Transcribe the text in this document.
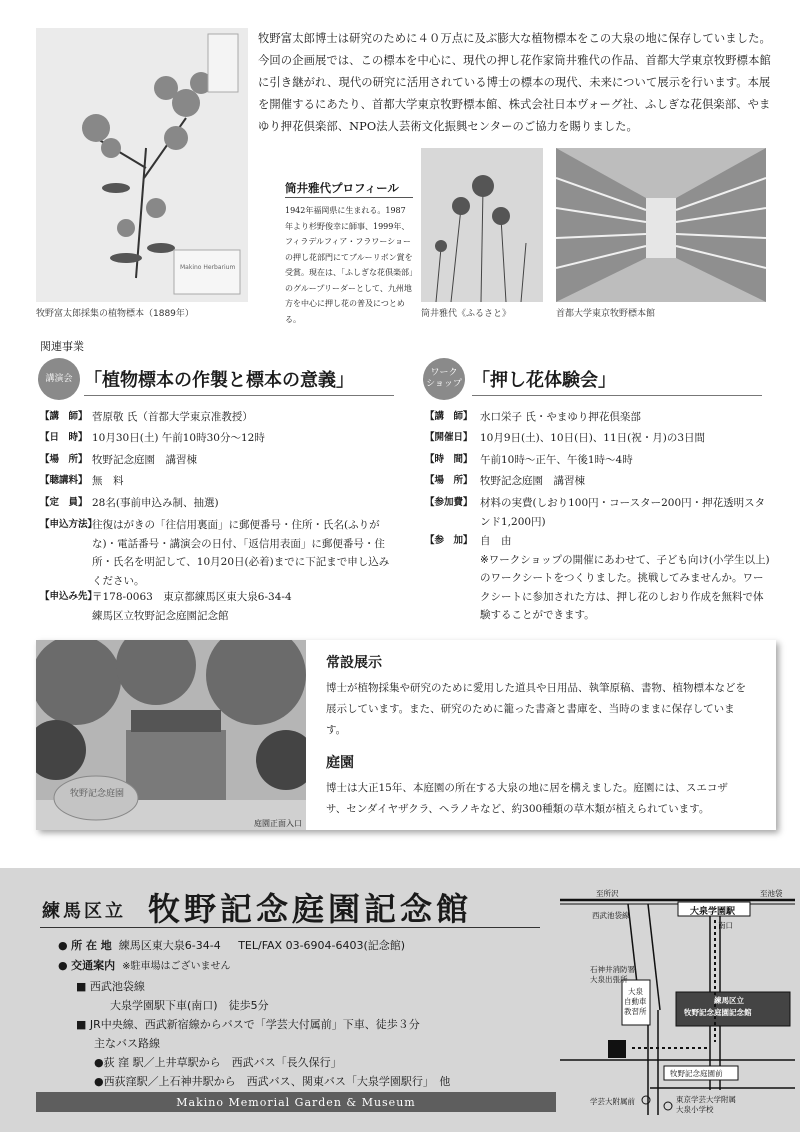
Makino Herbarium
牧野富太郎採集の植物標本（1889年）
牧野富太郎博士は研究のために４０万点に及ぶ膨大な植物標本をこの大泉の地に保存していました。今回の企画展では、この標本を中心に、現代の押し花作家筒井雅代の作品、首都大学東京牧野標本館に引き継がれ、現代の研究に活用されている博士の標本の現代、未来について展示を行います。本展を開催するにあたり、首都大学東京牧野標本館、株式会社日本ヴォーグ社、ふしぎな花倶楽部、やまゆり押花倶楽部、NPO法人芸術文化振興センターのご協力を賜りました。
筒井雅代プロフィール
1942年福岡県に生まれる。1987年より杉野俊幸に師事、1999年、フィラデルフィア・フラワーショーの押し花部門にてブルーリボン賞を受賞。現在は、「ふしぎな花倶楽部」のグループリーダーとして、九州地方を中心に押し花の普及につとめる。	筒井雅代《ふるさと》	首都大学東京牧野標本館
関連事業
講演会 「植物標本の作製と標本の意義」
【講　師】 菅原敬 氏（首都大学東京准教授）
【日　時】 10月30日(土) 午前10時30分～12時
【場　所】 牧野記念庭園　講習棟
【聴講料】 無　料
【定　員】 28名(事前申込み制、抽選)
【申込方法】
往復はがきの「往信用裏面」に郵便番号・住所・氏名(ふりがな)・電話番号・講演会の日付、「返信用表面」に郵便番号・住所・氏名を明記して、10月20日(必着)までに下記まで申し込みください。
【申込み先】
〒178-0063　東京都練馬区東大泉6-34-4
練馬区立牧野記念庭園記念館
ワーク
ショップ 「押し花体験会」
【講　師】 水口栄子 氏・やまゆり押花倶楽部
【開催日】 10月9日(土)、10日(日)、11日(祝・月)の3日間
【時　間】 午前10時～正午、午後1時～4時
【場　所】 牧野記念庭園　講習棟
【参加費】 材料の実費(しおり100円・コースター200円・押花透明スタンド1,200円)
【参　加】 自　由
※ワークショップの開催にあわせて、子ども向け(小学生以上)のワークシートをつくりました。挑戦してみませんか。ワークシートに参加された方は、押し花のしおり作成を無料で体験することができます。
牧野記念庭園
庭園正面入口
常設展示
博士が植物採集や研究のために愛用した道具や日用品、執筆原稿、書物、植物標本などを展示しています。また、研究のために籠った書斎と書庫を、当時のままに保存しています。
庭園
博士は大正15年、本庭園の所在する大泉の地に居を構えました。庭園には、スエコザサ、センダイヤザクラ、ヘラノキなど、約300種類の草木類が植えられています。
練馬区立 牧野記念庭園記念館
● 所 在 地 練馬区東大泉6-34-4 TEL/FAX 03-6904-6403(記念館)
● 交通案内 ※駐車場はございません
■ 西武池袋線
大泉学園駅下車(南口)　徒歩5分
■ JR中央線、西武新宿線からバスで「学芸大付属前」下車、徒歩３分
主なバス路線
●荻 窪 駅／上井草駅から　西武バス「長久保行」
●西荻窪駅／上石神井駅から　西武バス、関東バス「大泉学園駅行」　他
Makino Memorial Garden & Museum
至所沢	至池袋
西武池袋線	大泉学園駅
南口
石神井消防署
大泉出張所
大泉
自動車
教習所
練馬区立
牧野記念庭園記念館
牧野記念庭園前
学芸大附属前	東京学芸大学附属
大泉小学校
